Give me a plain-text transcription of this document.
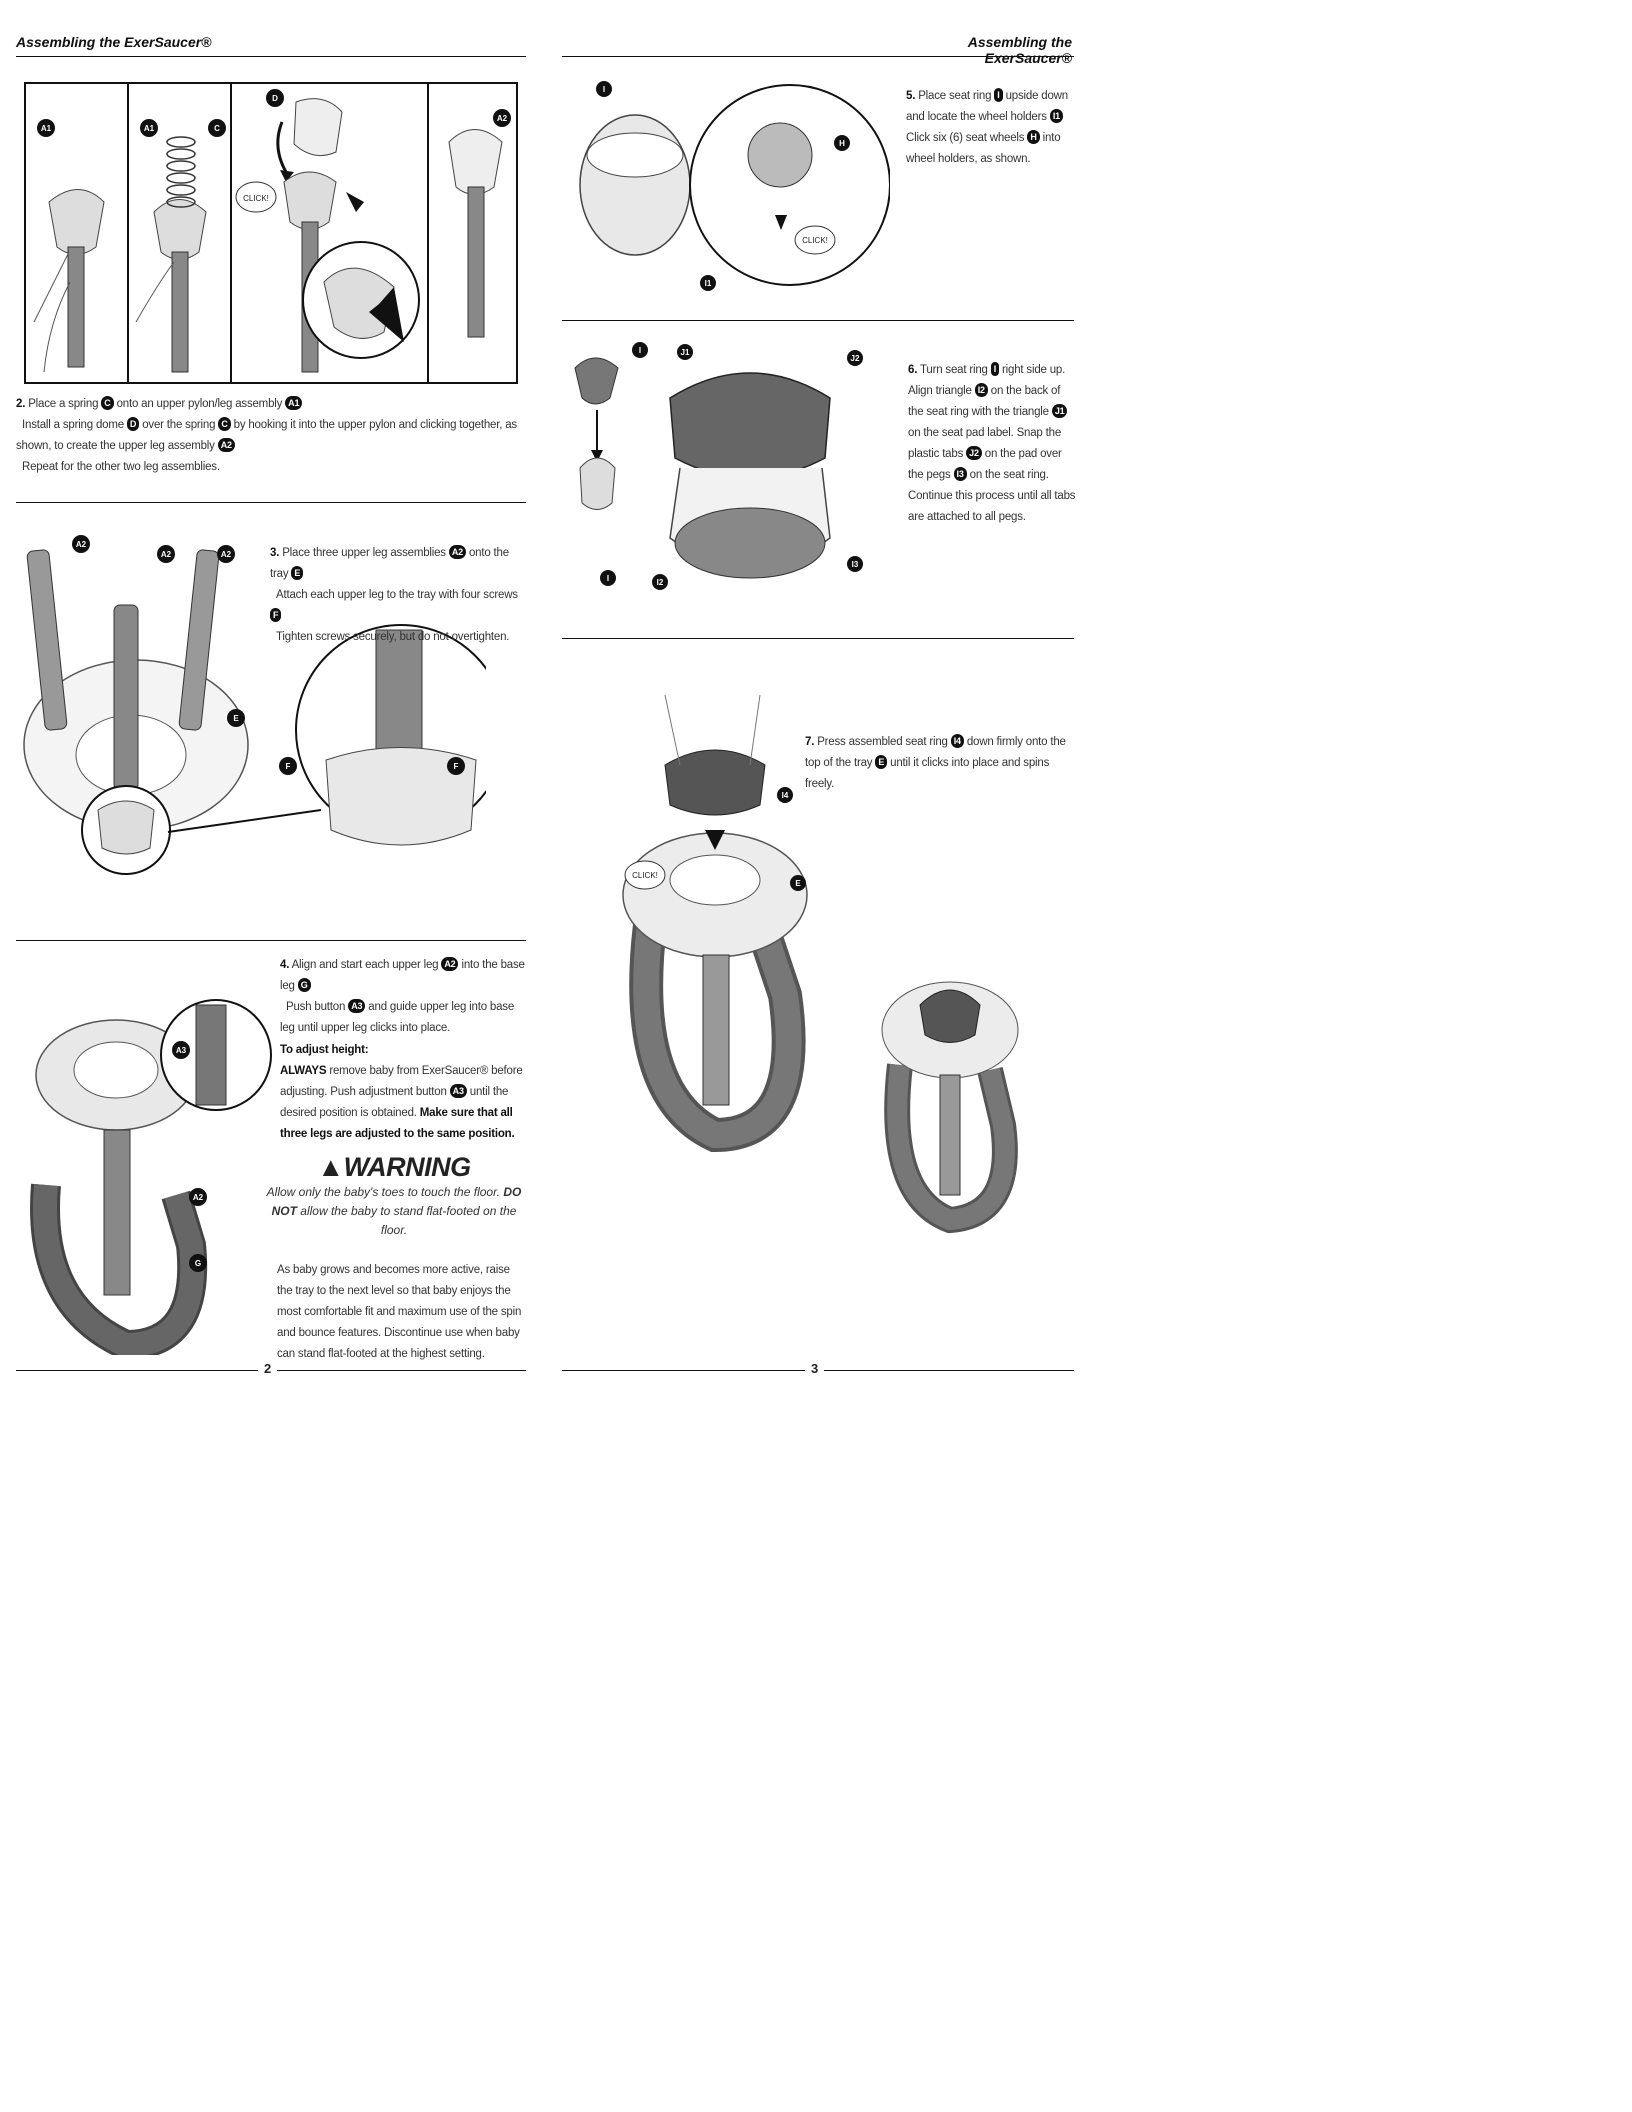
Assembling the ExerSaucer®	Assembling the ExerSaucer®
CLICK!
A1	A1	C
D
A2
2. Place a spring C onto an upper pylon/leg assembly A1
Install a spring dome D over the spring C by hooking it into the upper pylon and clicking together, as shown, to create the upper leg assembly A2
Repeat for the other two leg assemblies.
A2
A2	A2
E
F	F
3. Place three upper leg assemblies A2 onto the tray E
Attach each upper leg to the tray with four screws F
Tighten screws securely, but do not overtighten.
A3
A2
G
4. Align and start each upper leg A2 into the base leg G
Push button A3 and guide upper leg into base leg until upper leg clicks into place.
To adjust height:
ALWAYS remove baby from ExerSaucer® before adjusting. Push adjustment button A3 until the desired position is obtained. Make sure that all three legs are adjusted to the same position.
▲WARNING
Allow only the baby's toes to touch the floor. DO NOT allow the baby to stand flat-footed on the floor.
As baby grows and becomes more active, raise the tray to the next level so that baby enjoys the most comfortable fit and maximum use of the spin and bounce features. Discontinue use when baby can stand flat-footed at the highest setting.
2
CLICK!
I
H
I1
5. Place seat ring I upside down and locate the wheel holders I1
Click six (6) seat wheels H into wheel holders, as shown.
I	J1
J2
I	I2
I3
6. Turn seat ring I right side up. Align triangle I2 on the back of the seat ring with the triangle J1 on the seat pad label. Snap the plastic tabs J2 on the pad over the pegs I3 on the seat ring. Continue this process until all tabs are attached to all pegs.
CLICK!
I4
E
7. Press assembled seat ring I4 down firmly onto the top of the tray E until it clicks into place and spins freely.
3
